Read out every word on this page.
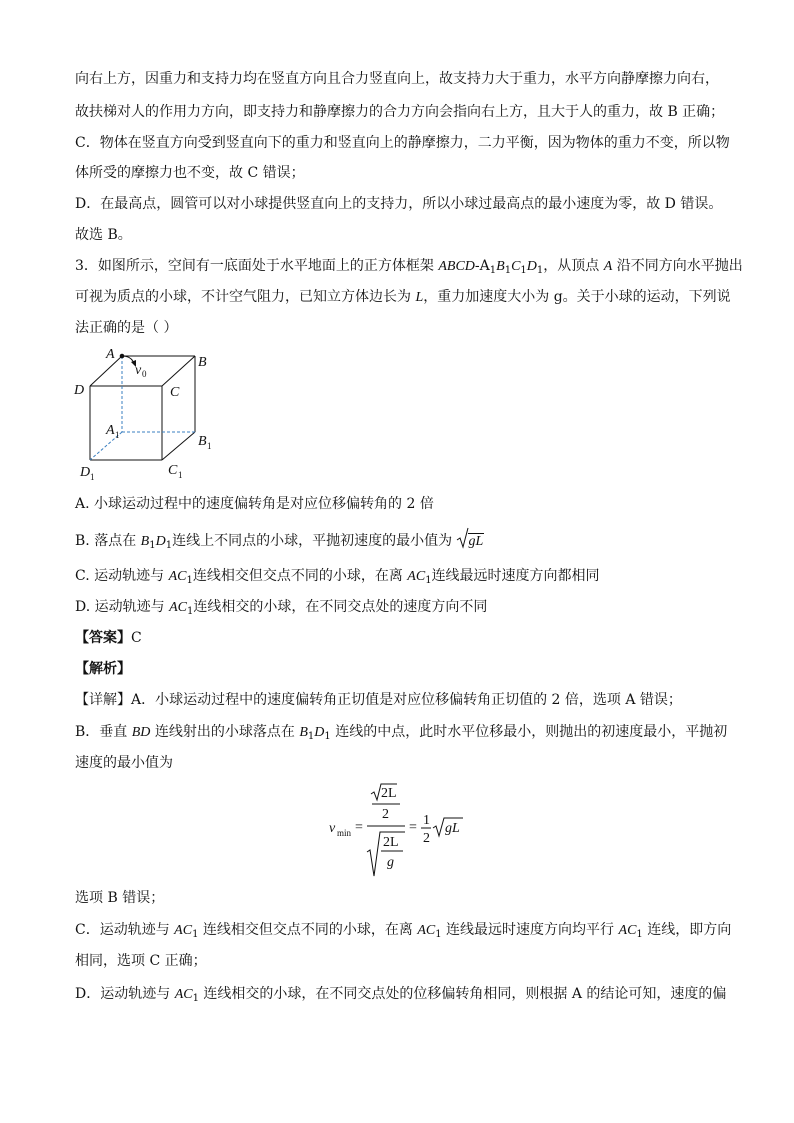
向右上方，因重力和支持力均在竖直方向且合力竖直向上，故支持力大于重力，水平方向静摩擦力向右，
故扶梯对人的作用力方向，即支持力和静摩擦力的合力方向会指向右上方，且大于人的重力，故 B 正确；
C．物体在竖直方向受到竖直向下的重力和竖直向上的静摩擦力，二力平衡，因为物体的重力不变，所以物
体所受的摩擦力也不变，故 C 错误；
D．在最高点，圆管可以对小球提供竖直向上的支持力，所以小球过最高点的最小速度为零，故 D 错误。
故选 B。
3．如图所示，空间有一底面处于水平地面上的正方体框架 ABCD-$A_1B_1C_1D_1$，从顶点 A 沿不同方向水平抛出
可视为质点的小球，不计空气阻力，已知立方体边长为 L，重力加速度大小为 g。关于小球的运动，下列说
法正确的是（ ）
A
B
C
D
v 0
A 1	B 1
C 1
D 1
A. 小球运动过程中的速度偏转角是对应位移偏转角的 2 倍
B. 落点在 $B_1D_1$连线上不同点的小球，平抛初速度的最小值为
gL
C. 运动轨迹与 $AC_1$连线相交但交点不同的小球，在离 $AC_1$连线最远时速度方向都相同
D. 运动轨迹与 $AC_1$连线相交的小球，在不同交点处的速度方向不同
【答案】C
【解析】
【详解】A．小球运动过程中的速度偏转角正切值是对应位移偏转角正切值的 2 倍，选项 A 错误；
B．垂直 BD 连线射出的小球落点在 $B_1D_1$ 连线的中点，此时水平位移最小，则抛出的初速度最小，平抛初
速度的最小值为
v min =
2L
2
2L
g
= 1
2
gL
选项 B 错误；
C．运动轨迹与 $AC_1$ 连线相交但交点不同的小球，在离 $AC_1$ 连线最远时速度方向均平行 $AC_1$ 连线，即方向
相同，选项 C 正确；
D．运动轨迹与 $AC_1$ 连线相交的小球，在不同交点处的位移偏转角相同，则根据 A 的结论可知，速度的偏
